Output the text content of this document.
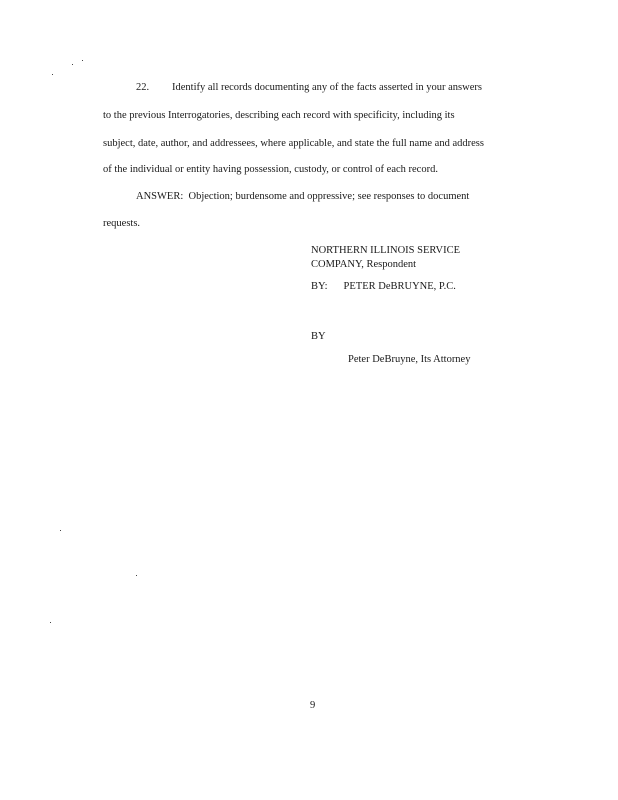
22. Identify all records documenting any of the facts asserted in your answers
to the previous Interrogatories, describing each record with specificity, including its
subject, date, author, and addressees, where applicable, and state the full name and address
of the individual or entity having possession, custody, or control of each record.
ANSWER: Objection; burdensome and oppressive; see responses to document
requests.
NORTHERN ILLINOIS SERVICE
COMPANY, Respondent
BY: PETER DeBRUYNE, P.C.
BY
Peter DeBruyne, Its Attorney
9
